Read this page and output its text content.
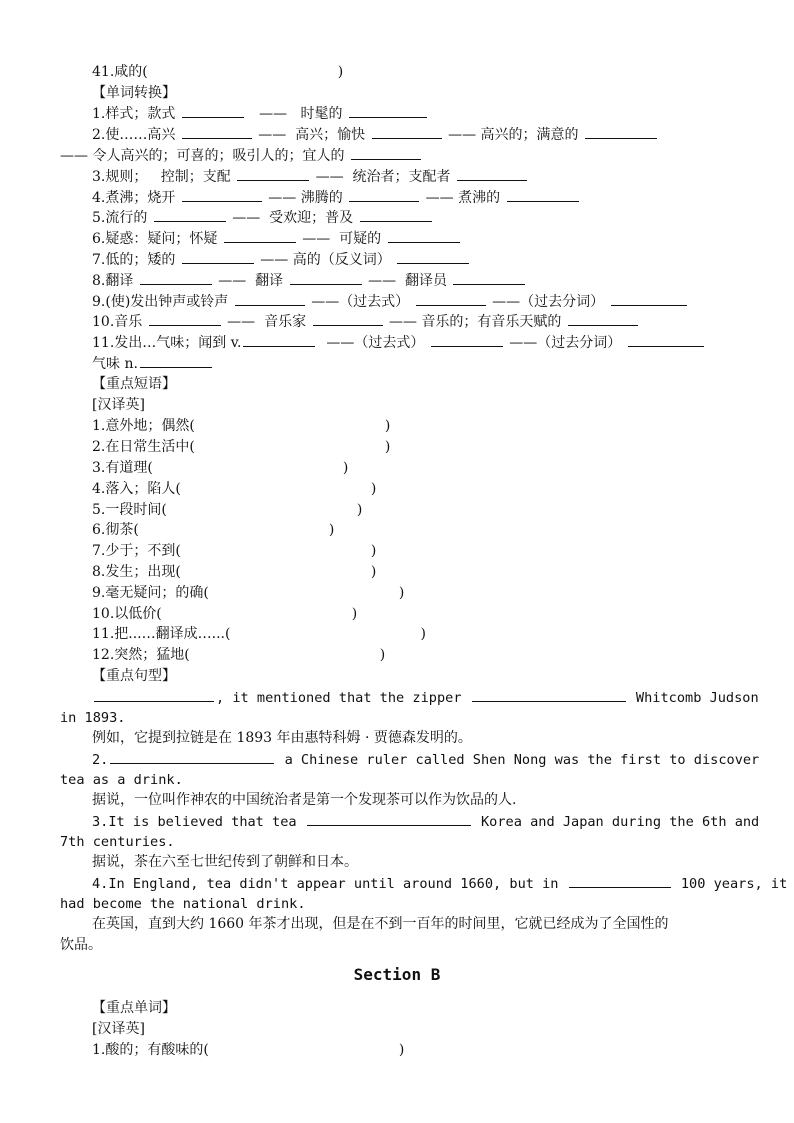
41.咸的(	)
【单词转换】
1.样式；款式	—— 时髦的
2.使……高兴	—— 高兴；愉快	—— 高兴的；满意的
—— 令人高兴的；可喜的；吸引人的；宜人的
3.规则； 控制；支配	—— 统治者；支配者
4.煮沸；烧开	—— 沸腾的	—— 煮沸的
5.流行的	—— 受欢迎；普及
6.疑惑：疑问；怀疑	—— 可疑的
7.低的；矮的	—— 高的（反义词）
8.翻译	—— 翻译	—— 翻译员
9.(使)发出钟声或铃声	——（过去式）	——（过去分词）
10.音乐	—— 音乐家	—— 音乐的；有音乐天赋的
11.发出…气味；闻到 v.	——（过去式）	——（过去分词）
气味 n.
【重点短语】
[汉译英]
1.意外地；偶然(	)
2.在日常生活中(	)
3.有道理(	)
4.落入；陷人(	)
5.一段时间(	)
6.彻茶(	)
7.少于；不到(	)
8.发生；出现(	)
9.毫无疑问；的确(	)
10.以低价(	)
11.把...…翻译成…...(	)
12.突然；猛地(	)
【重点句型】
, it mentioned that the zipper	Whitcomb Judson
in 1893.
例如，它提到拉链是在 1893 年由惠特科姆 · 贾德森发明的。
2.	a Chinese ruler called Shen Nong was the first to discover
tea as a drink.
据说，一位叫作神农的中国统治者是第一个发现茶可以作为饮品的人.
3.It is believed that tea	Korea and Japan during the 6th and
7th centuries.
据说，茶在六至七世纪传到了朝鲜和日本。
4.In England, tea didn't appear until around 1660, but in	100 years, it
had become the national drink.
在英国，直到大约 1660 年茶才出现，但是在不到一百年的时间里，它就已经成为了全国性的
饮品。
Section B
【重点单词】
[汉译英]
1.酸的；有酸味的(	)
